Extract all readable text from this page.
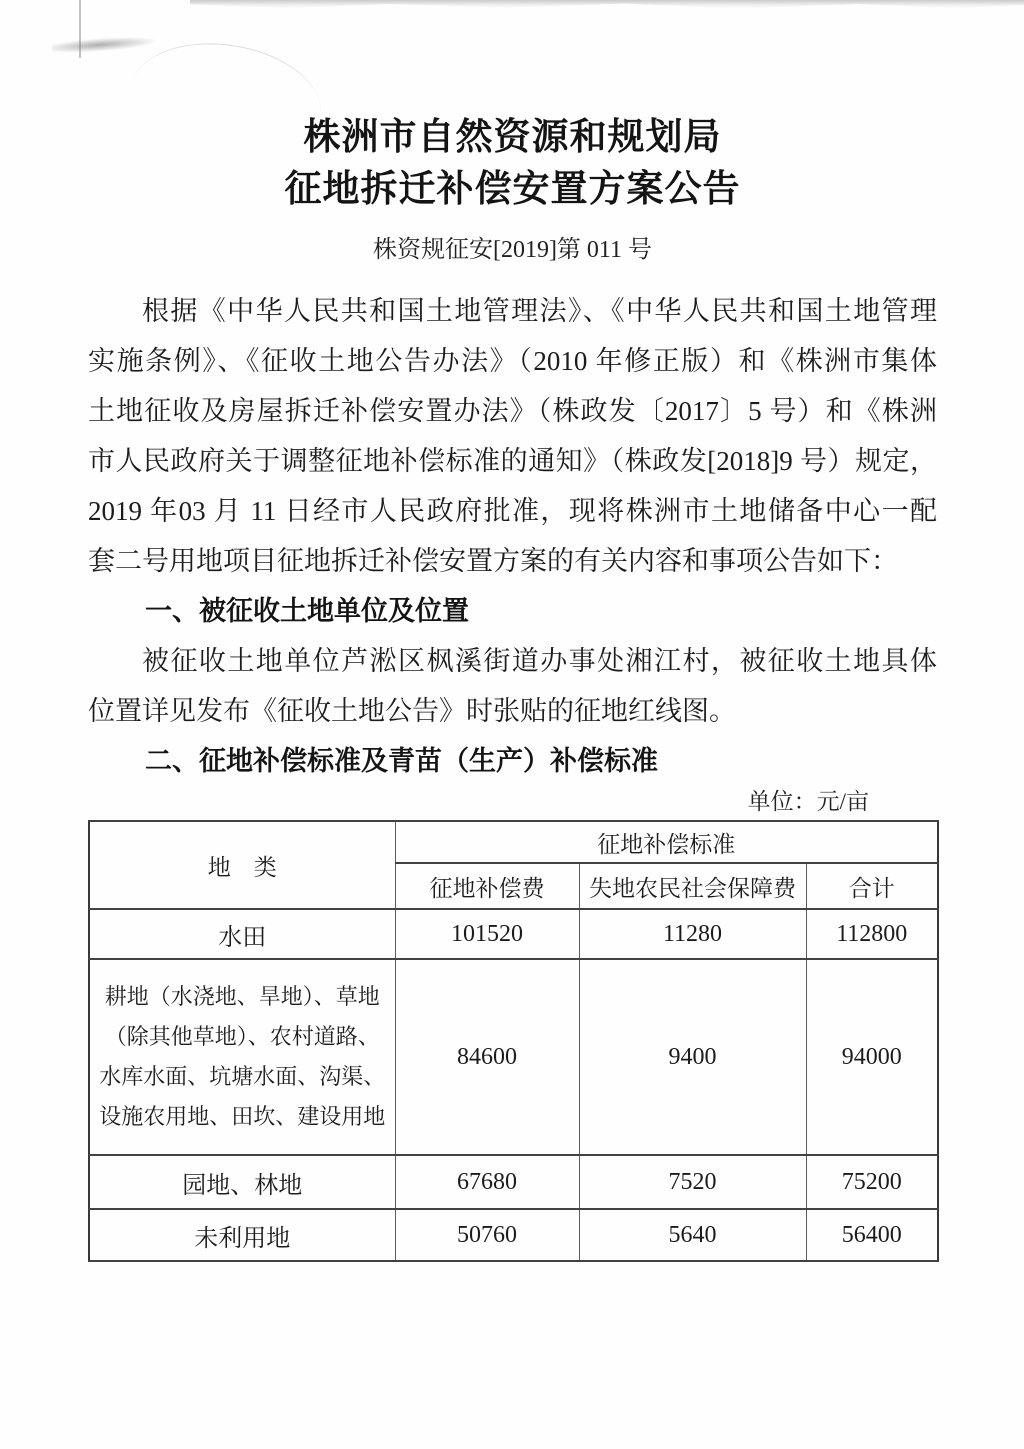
株洲市自然资源和规划局
征地拆迁补偿安置方案公告
株资规征安[2019]第 011 号
根据《中华人民共和国土地管理法》、《中华人民共和国土地管理
实施条例》、《征收土地公告办法》（2010 年修正版）和《株洲市集体
土地征收及房屋拆迁补偿安置办法》（株政发〔2017〕5 号）和《株洲
市人民政府关于调整征地补偿标准的通知》（株政发[2018]9 号）规定，
2019 年03 月 11 日经市人民政府批准，现将株洲市土地储备中心一配
套二号用地项目征地拆迁补偿安置方案的有关内容和事项公告如下：
一、被征收土地单位及位置
被征收土地单位芦淞区枫溪街道办事处湘江村，被征收土地具体
位置详见发布《征收土地公告》时张贴的征地红线图。
二、征地补偿标准及青苗（生产）补偿标准
单位：元/亩
地　类	征地补偿标准		
	征地补偿费	失地农民社会保障费	合计
水田	101520	11280	112800
耕地（水浇地、旱地）、草地（除其他草地）、农村道路、水库水面、坑塘水面、沟渠、设施农用地、田坎、建设用地	84600	9400	94000
园地、林地	67680	7520	75200
未利用地	50760	5640	56400
